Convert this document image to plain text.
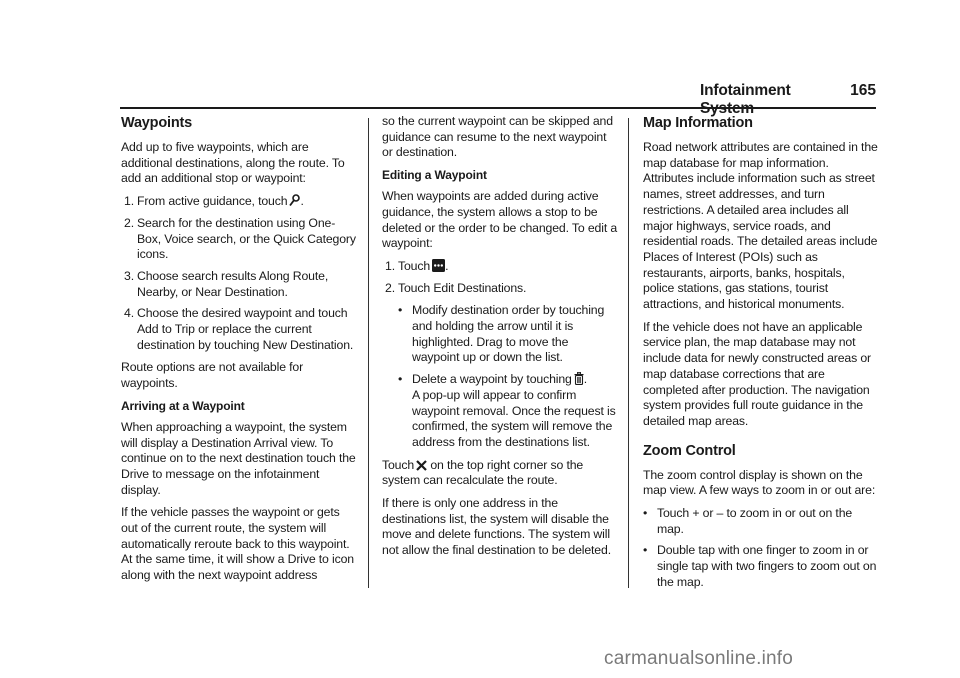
Infotainment	165
Waypoints

Add up to five waypoints, which are additional destinations, along the route. To add an additional stop or waypoint:

1. From active guidance, touch .
2. Search for the destination using One-Box, Voice search, or the Quick Category icons.
3. Choose search results Along Route, Nearby, or Near Destination.
4. Choose the desired waypoint and touch Add to Trip or replace the current destination by touching New Destination.

Route options are not available for waypoints.

Arriving at a Waypoint

When approaching a waypoint, the system will display a Destination Arrival view. To continue on to the next destination touch the Drive to message on the infotainment display.

If the vehicle passes the waypoint or gets out of the current route, the system will automatically reroute back to this waypoint. At the same time, it will show a Drive to icon along with the next waypoint address

so the current waypoint can be skipped and guidance can resume to the next waypoint or destination.

Editing a Waypoint

When waypoints are added during active guidance, the system allows a stop to be deleted or the order to be changed. To edit a waypoint:

1. Touch .
2. Touch Edit Destinations.
• Modify destination order by touching and holding the arrow until it is highlighted. Drag to move the waypoint up or down the list.
• Delete a waypoint by touching .
A pop-up will appear to confirm waypoint removal. Once the request is confirmed, the system will remove the address from the destinations list.

Touch on the top right corner so the system can recalculate the route.

If there is only one address in the destinations list, the system will disable the move and delete functions. The system will not allow the final destination to be deleted.

Map Information

Road network attributes are contained in the map database for map information. Attributes include information such as street names, street addresses, and turn restrictions. A detailed area includes all major highways, service roads, and residential roads. The detailed areas include Places of Interest (POIs) such as restaurants, airports, banks, hospitals, police stations, gas stations, tourist attractions, and historical monuments.

If the vehicle does not have an applicable service plan, the map database may not include data for newly constructed areas or map database corrections that are completed after production. The navigation system provides full route guidance in the detailed map areas.

Zoom Control

The zoom control display is shown on the map view. A few ways to zoom in or out are:

• Touch + or – to zoom in or out on the map.
• Double tap with one finger to zoom in or single tap with two fingers to zoom out on the map.
carmanualsonline.info
